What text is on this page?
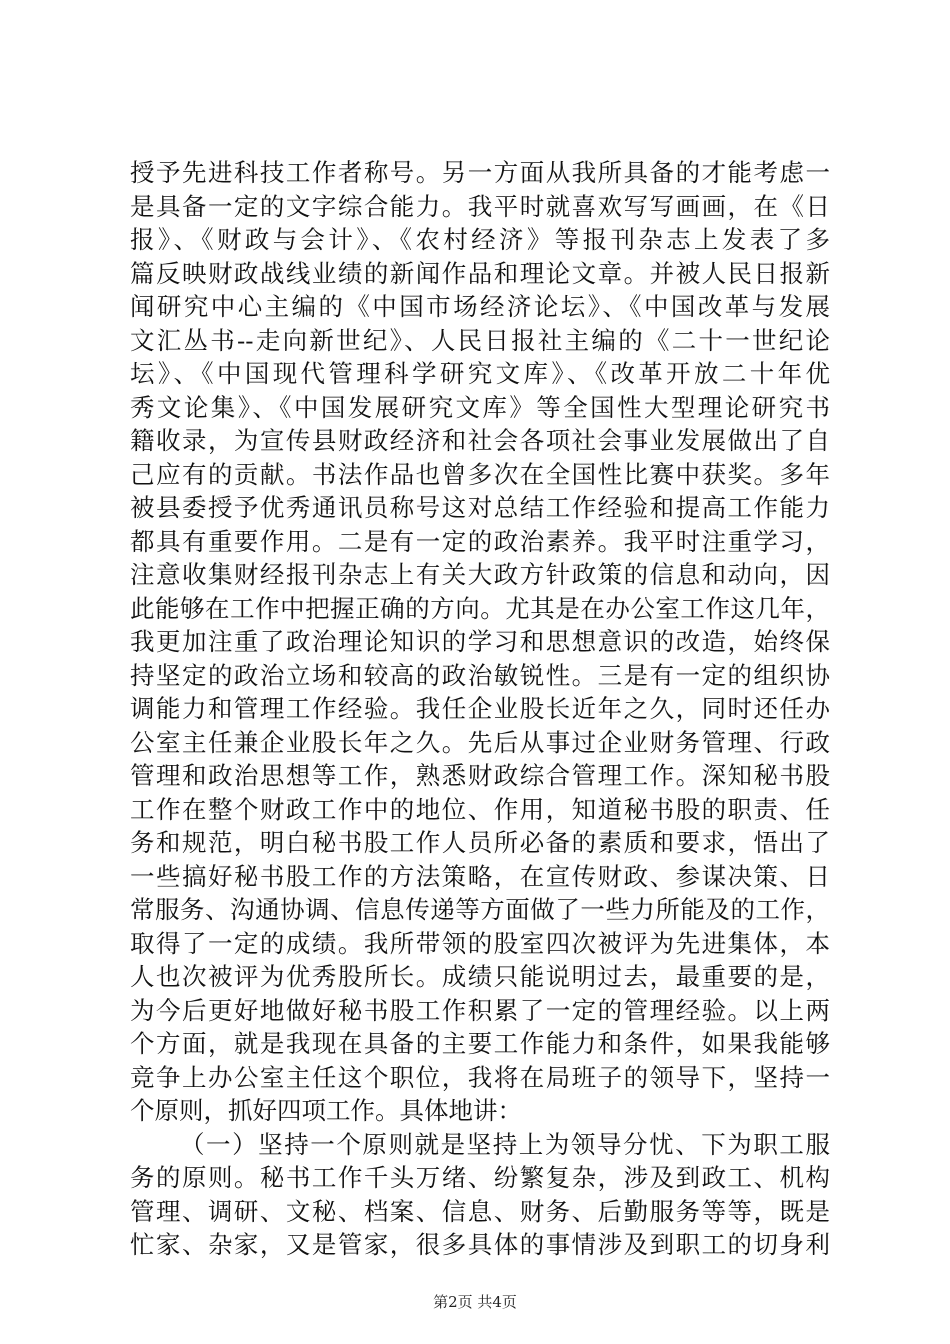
授予先进科技工作者称号。另一方面从我所具备的才能考虑一
是具备一定的文字综合能力。我平时就喜欢写写画画，在《日
报》、《财政与会计》、《农村经济》等报刊杂志上发表了多
篇反映财政战线业绩的新闻作品和理论文章。并被人民日报新
闻研究中心主编的《中国市场经济论坛》、《中国改革与发展
文汇丛书--走向新世纪》、人民日报社主编的《二十一世纪论
坛》、《中国现代管理科学研究文库》、《改革开放二十年优
秀文论集》、《中国发展研究文库》等全国性大型理论研究书
籍收录，为宣传县财政经济和社会各项社会事业发展做出了自
己应有的贡献。书法作品也曾多次在全国性比赛中获奖。多年
被县委授予优秀通讯员称号这对总结工作经验和提高工作能力
都具有重要作用。二是有一定的政治素养。我平时注重学习，
注意收集财经报刊杂志上有关大政方针政策的信息和动向，因
此能够在工作中把握正确的方向。尤其是在办公室工作这几年，
我更加注重了政治理论知识的学习和思想意识的改造，始终保
持坚定的政治立场和较高的政治敏锐性。三是有一定的组织协
调能力和管理工作经验。我任企业股长近年之久，同时还任办
公室主任兼企业股长年之久。先后从事过企业财务管理、行政
管理和政治思想等工作，熟悉财政综合管理工作。深知秘书股
工作在整个财政工作中的地位、作用，知道秘书股的职责、任
务和规范，明白秘书股工作人员所必备的素质和要求，悟出了
一些搞好秘书股工作的方法策略，在宣传财政、参谋决策、日
常服务、沟通协调、信息传递等方面做了一些力所能及的工作，
取得了一定的成绩。我所带领的股室四次被评为先进集体，本
人也次被评为优秀股所长。成绩只能说明过去，最重要的是，
为今后更好地做好秘书股工作积累了一定的管理经验。以上两
个方面，就是我现在具备的主要工作能力和条件，如果我能够
竞争上办公室主任这个职位，我将在局班子的领导下，坚持一
个原则，抓好四项工作。具体地讲：
（一）坚持一个原则就是坚持上为领导分忧、下为职工服
务的原则。秘书工作千头万绪、纷繁复杂，涉及到政工、机构
管理、调研、文秘、档案、信息、财务、后勤服务等等，既是
忙家、杂家，又是管家，很多具体的事情涉及到职工的切身利
第2页 共4页
